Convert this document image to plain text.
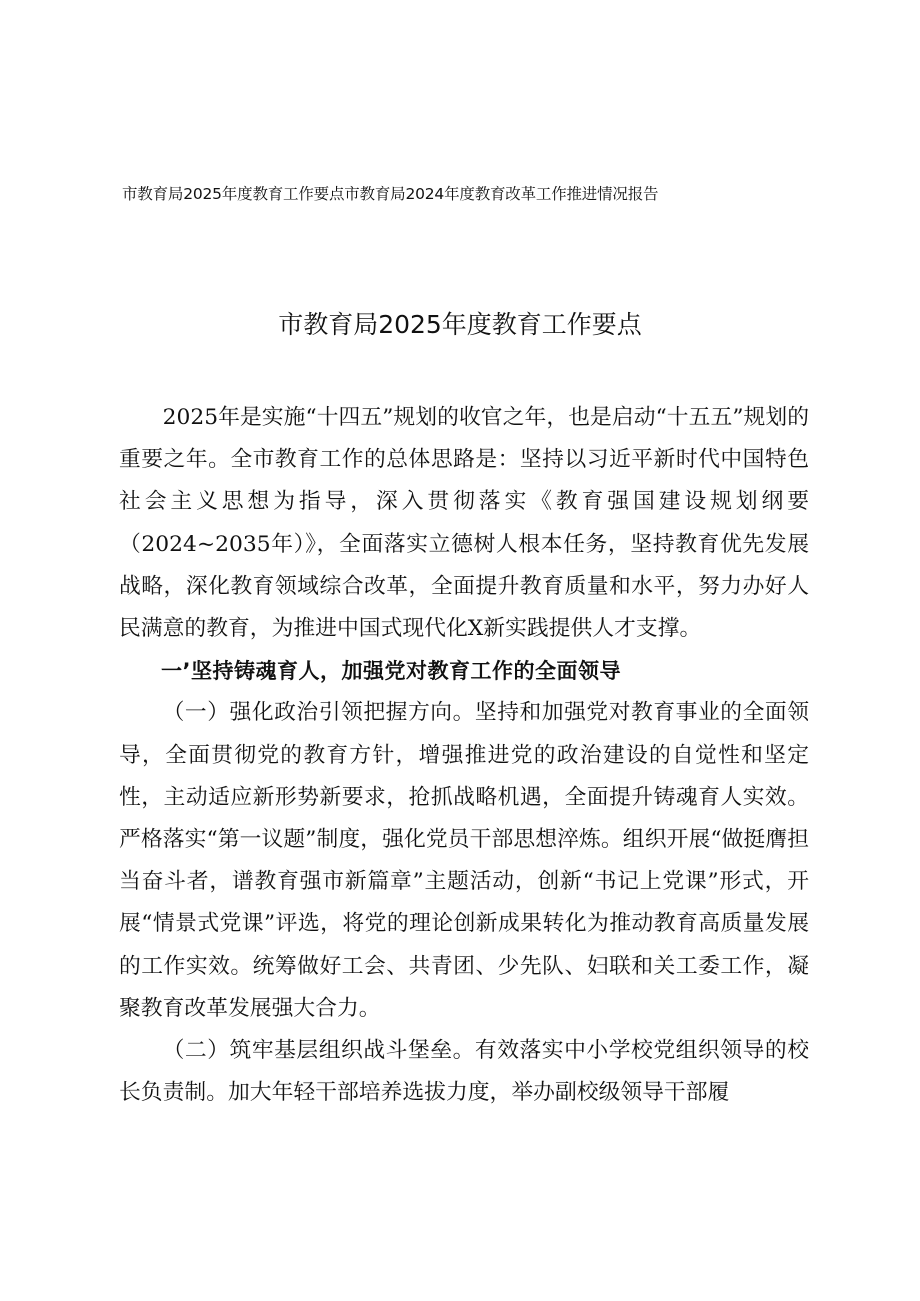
市教育局2025年度教育工作要点市教育局2024年度教育改革工作推进情况报告
市教育局2025年度教育工作要点

2025年是实施“十四五”规划的收官之年，也是启动“十五五”规划的重要之年。全市教育工作的总体思路是：坚持以习近平新时代中国特色社会主义思想为指导，深入贯彻落实《教育强国建设规划纲要（2024~2035年）》，全面落实立德树人根本任务，坚持教育优先发展战略，深化教育领域综合改革，全面提升教育质量和水平，努力办好人民满意的教育，为推进中国式现代化X新实践提供人才支撑。

一’坚持铸魂育人，加强党对教育工作的全面领导

（一）强化政治引领把握方向。坚持和加强党对教育事业的全面领导，全面贯彻党的教育方针，增强推进党的政治建设的自觉性和坚定性，主动适应新形势新要求，抢抓战略机遇，全面提升铸魂育人实效。严格落实“第一议题”制度，强化党员干部思想淬炼。组织开展“做挺膺担当奋斗者，谱教育强市新篇章”主题活动，创新“书记上党课”形式，开展“情景式党课”评选，将党的理论创新成果转化为推动教育高质量发展的工作实效。统筹做好工会、共青团、少先队、妇联和关工委工作，凝聚教育改革发展强大合力。

（二）筑牢基层组织战斗堡垒。有效落实中小学校党组织领导的校长负责制。加大年轻干部培养选拔力度，举办副校级领导干部履
